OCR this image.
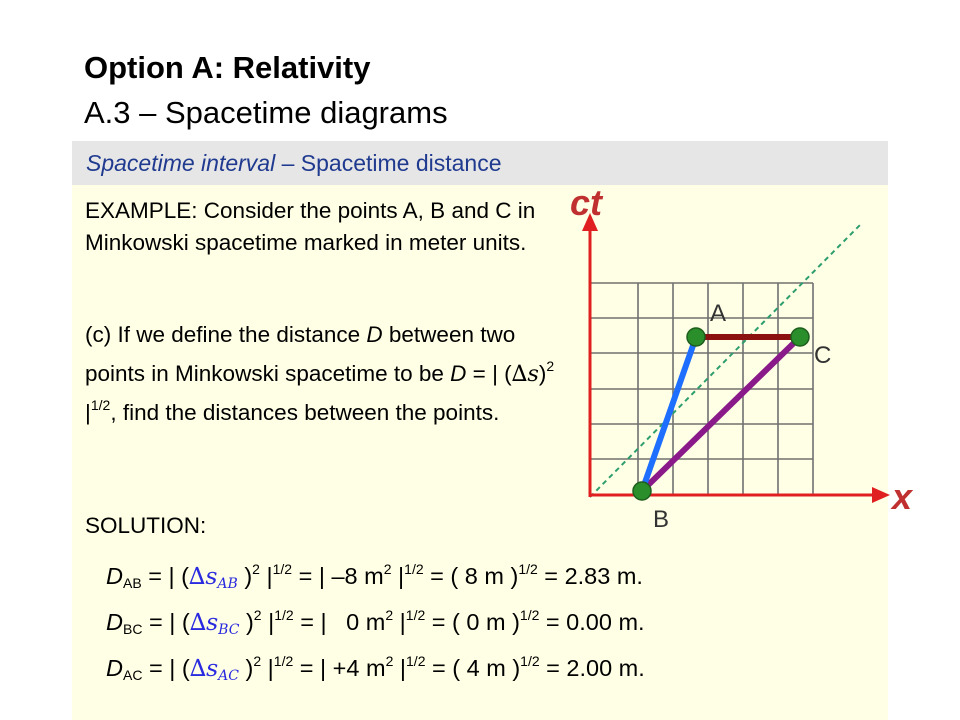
Option A: Relativity
A.3 – Spacetime diagrams
Spacetime interval – Spacetime distance
EXAMPLE: Consider the points A, B and C in Minkowski spacetime marked in meter units.
(c) If we define the distance D between two points in Minkowski spacetime to be D = | $(\Delta s)^2$ $|^{1/2}$, find the distances between the points.
SOLUTION:
$D_{AB}$ = | ($\Delta s_{AB}$ )$^2$ $|^{1/2}$ = | –8 $m^2$ $|^{1/2}$ = ( 8 m )$^{1/2}$ = 2.83 m.
$D_{BC}$ = | ($\Delta s_{BC}$ )$^2$ $|^{1/2}$ = |   0 $m^2$ $|^{1/2}$ = ( 0 m )$^{1/2}$ = 0.00 m.
$D_{AC}$ = | ($\Delta s_{AC}$ )$^2$ $|^{1/2}$ = | +4 $m^2$ $|^{1/2}$ = ( 4 m )$^{1/2}$ = 2.00 m.
ct
x
A
C
B
